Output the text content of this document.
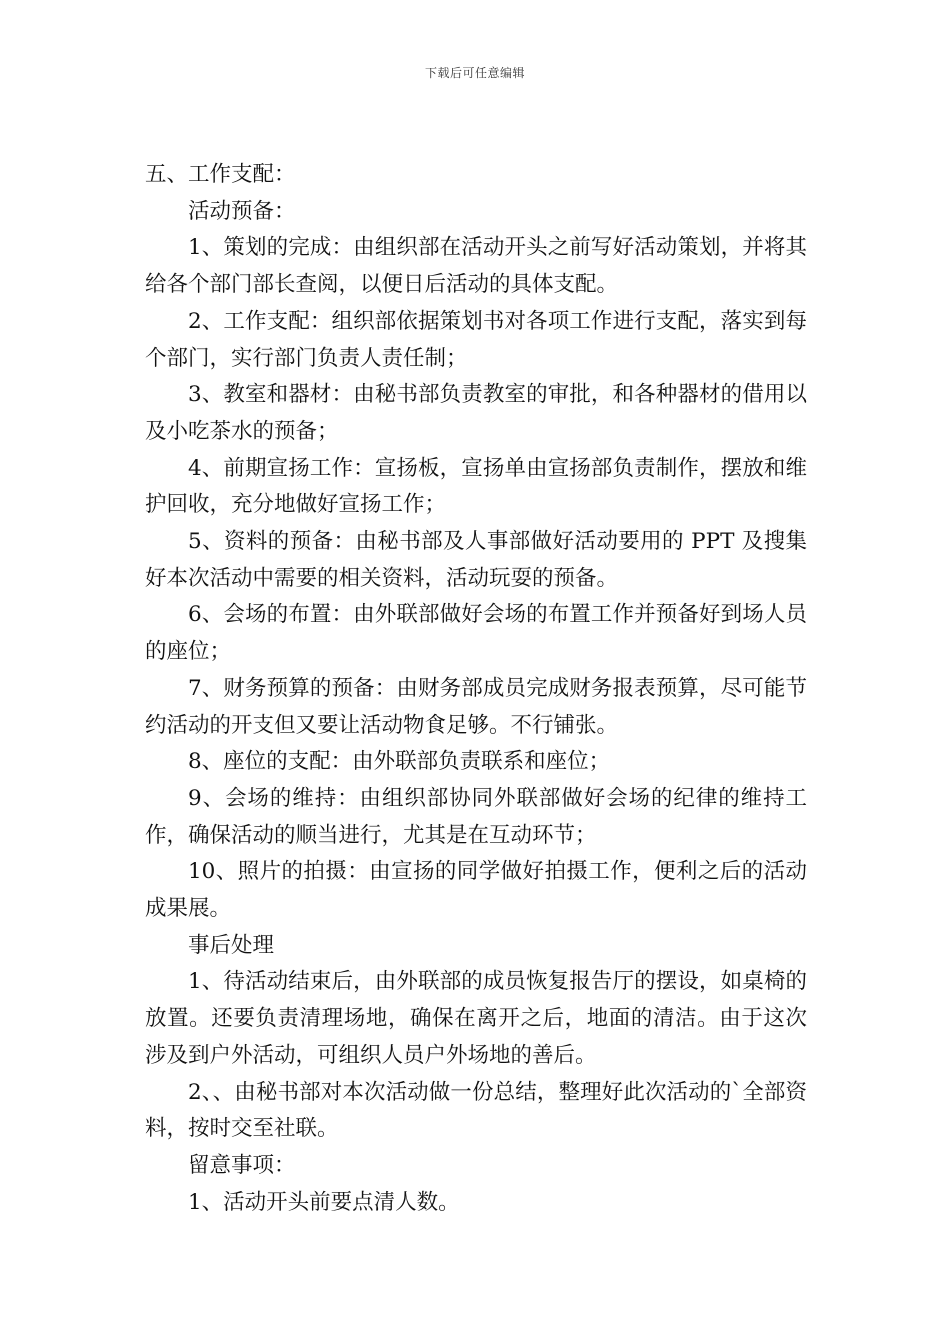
下载后可任意编辑

五、工作支配：

活动预备：

1、策划的完成：由组织部在活动开头之前写好活动策划，并将其给各个部门部长查阅，以便日后活动的具体支配。

2、工作支配：组织部依据策划书对各项工作进行支配，落实到每个部门，实行部门负责人责任制；

3、教室和器材：由秘书部负责教室的审批，和各种器材的借用以及小吃茶水的预备；

4、前期宣扬工作：宣扬板，宣扬单由宣扬部负责制作，摆放和维护回收，充分地做好宣扬工作；

5、资料的预备：由秘书部及人事部做好活动要用的 PPT 及搜集好本次活动中需要的相关资料，活动玩耍的预备。

6、会场的布置：由外联部做好会场的布置工作并预备好到场人员的座位；

7、财务预算的预备：由财务部成员完成财务报表预算，尽可能节约活动的开支但又要让活动物食足够。不行铺张。

8、座位的支配：由外联部负责联系和座位；

9、会场的维持：由组织部协同外联部做好会场的纪律的维持工作，确保活动的顺当进行，尤其是在互动环节；

10、照片的拍摄：由宣扬的同学做好拍摄工作，便利之后的活动成果展。

事后处理

1、待活动结束后，由外联部的成员恢复报告厅的摆设，如桌椅的放置。还要负责清理场地，确保在离开之后，地面的清洁。由于这次涉及到户外活动，可组织人员户外场地的善后。

2、、由秘书部对本次活动做一份总结，整理好此次活动的`全部资料，按时交至社联。

留意事项：

1、活动开头前要点清人数。
